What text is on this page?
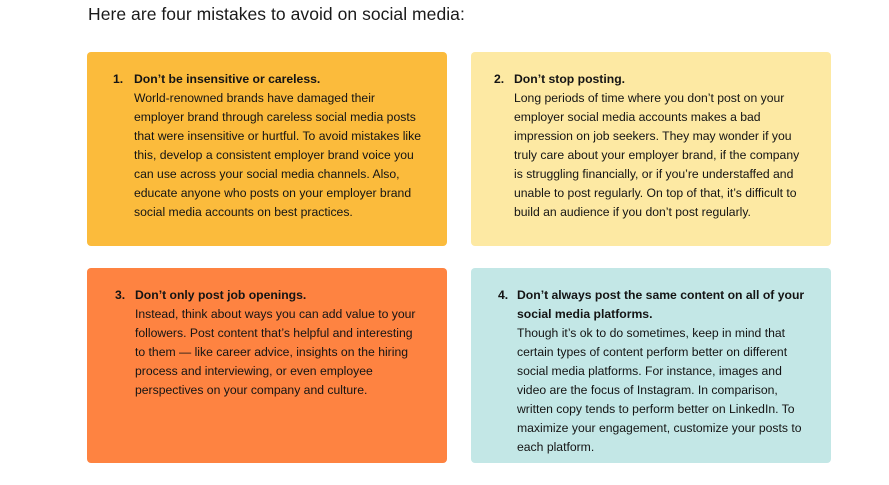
Here are four mistakes to avoid on social media:
1. Don’t be insensitive or careless.
World-renowned brands have damaged their employer brand through careless social media posts that were insensitive or hurtful. To avoid mistakes like this, develop a consistent employer brand voice you can use across your social media channels. Also, educate anyone who posts on your employer brand social media accounts on best practices.
2. Don’t stop posting.
Long periods of time where you don’t post on your employer social media accounts makes a bad impression on job seekers. They may wonder if you truly care about your employer brand, if the company is struggling financially, or if you’re understaffed and unable to post regularly. On top of that, it’s difficult to build an audience if you don’t post regularly.
3. Don’t only post job openings.
Instead, think about ways you can add value to your followers. Post content that’s helpful and interesting to them — like career advice, insights on the hiring process and interviewing, or even employee perspectives on your company and culture.
4. Don’t always post the same content on all of your social media platforms.
Though it’s ok to do sometimes, keep in mind that certain types of content perform better on different social media platforms. For instance, images and video are the focus of Instagram. In comparison, written copy tends to perform better on LinkedIn. To maximize your engagement, customize your posts to each platform.
